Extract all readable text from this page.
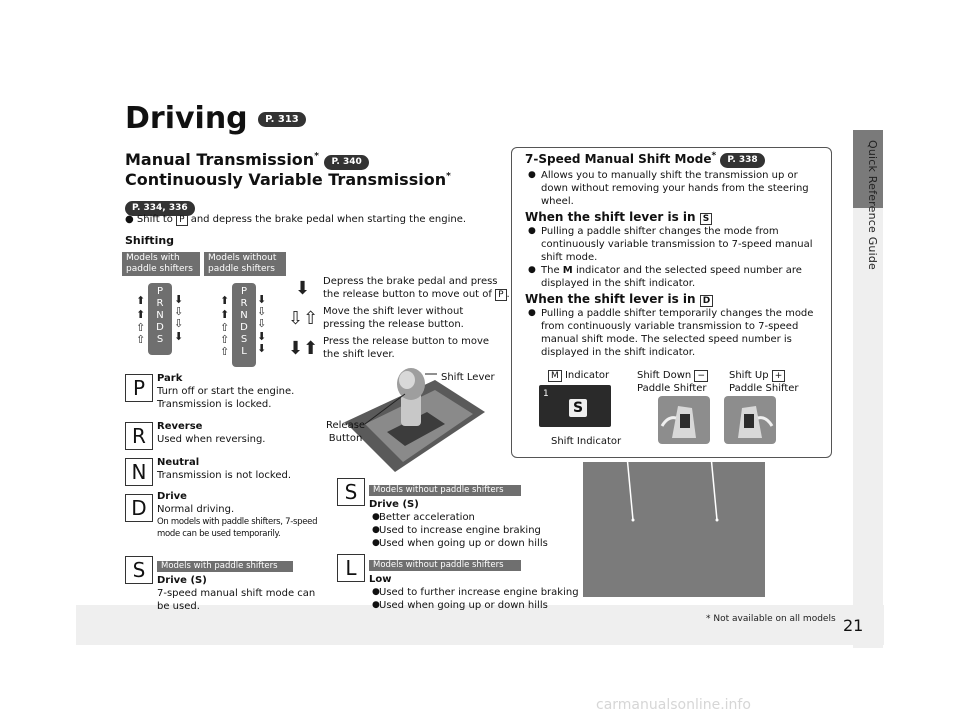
Quick Reference Guide
* Not available on all models 21
carmanualsonline.info
Driving P. 313
Manual Transmission* P. 340
Continuously Variable Transmission*
P. 334, 336
● Shift to P and depress the brake pedal when starting the engine.
Shifting
Models with
paddle shifters
Models without
paddle shifters
P
R
N
D
S
⬆
⬆
⇧
⇧
⬇
⇩
⇩
⬇
P
R
N
D
S
L
⬆
⬆
⇧
⇧
⇧
⬇
⇩
⇩
⬇
⬇
⬇
⇩⇧
⬇⬆
Depress the brake pedal and press
the release button to move out of P .
Move the shift lever without
pressing the release button.
Press the release button to move
the shift lever.
Shift Lever
Release
Button
P	Park
Turn off or start the engine.
Transmission is locked.
R	Reverse
Used when reversing.
N	Neutral
Transmission is not locked.
D	Drive
Normal driving.
On models with paddle shifters, 7-speed
mode can be used temporarily.
S	Models with paddle shifters
Drive (S)
7-speed manual shift mode can
be used.
S	Models without paddle shifters
Drive (S)
● Better acceleration
● Used to increase engine braking
● Used when going up or down hills
L	Models without paddle shifters
Low
● Used to further increase engine braking
● Used when going up or down hills
7-Speed Manual Shift Mode* P. 338
● Allows you to manually shift the transmission up or
down without removing your hands from the steering
wheel.
When the shift lever is in S
● Pulling a paddle shifter changes the mode from
continuously variable transmission to 7-speed manual
shift mode.
● The M indicator and the selected speed number are
displayed in the shift indicator.
When the shift lever is in D
● Pulling a paddle shifter temporarily changes the mode
from continuously variable transmission to 7-speed
manual shift mode. The selected speed number is
displayed in the shift indicator.
M Indicator	Shift Down −
Paddle Shifter
Shift Up +
Paddle Shifter
1
S
Shift Indicator
